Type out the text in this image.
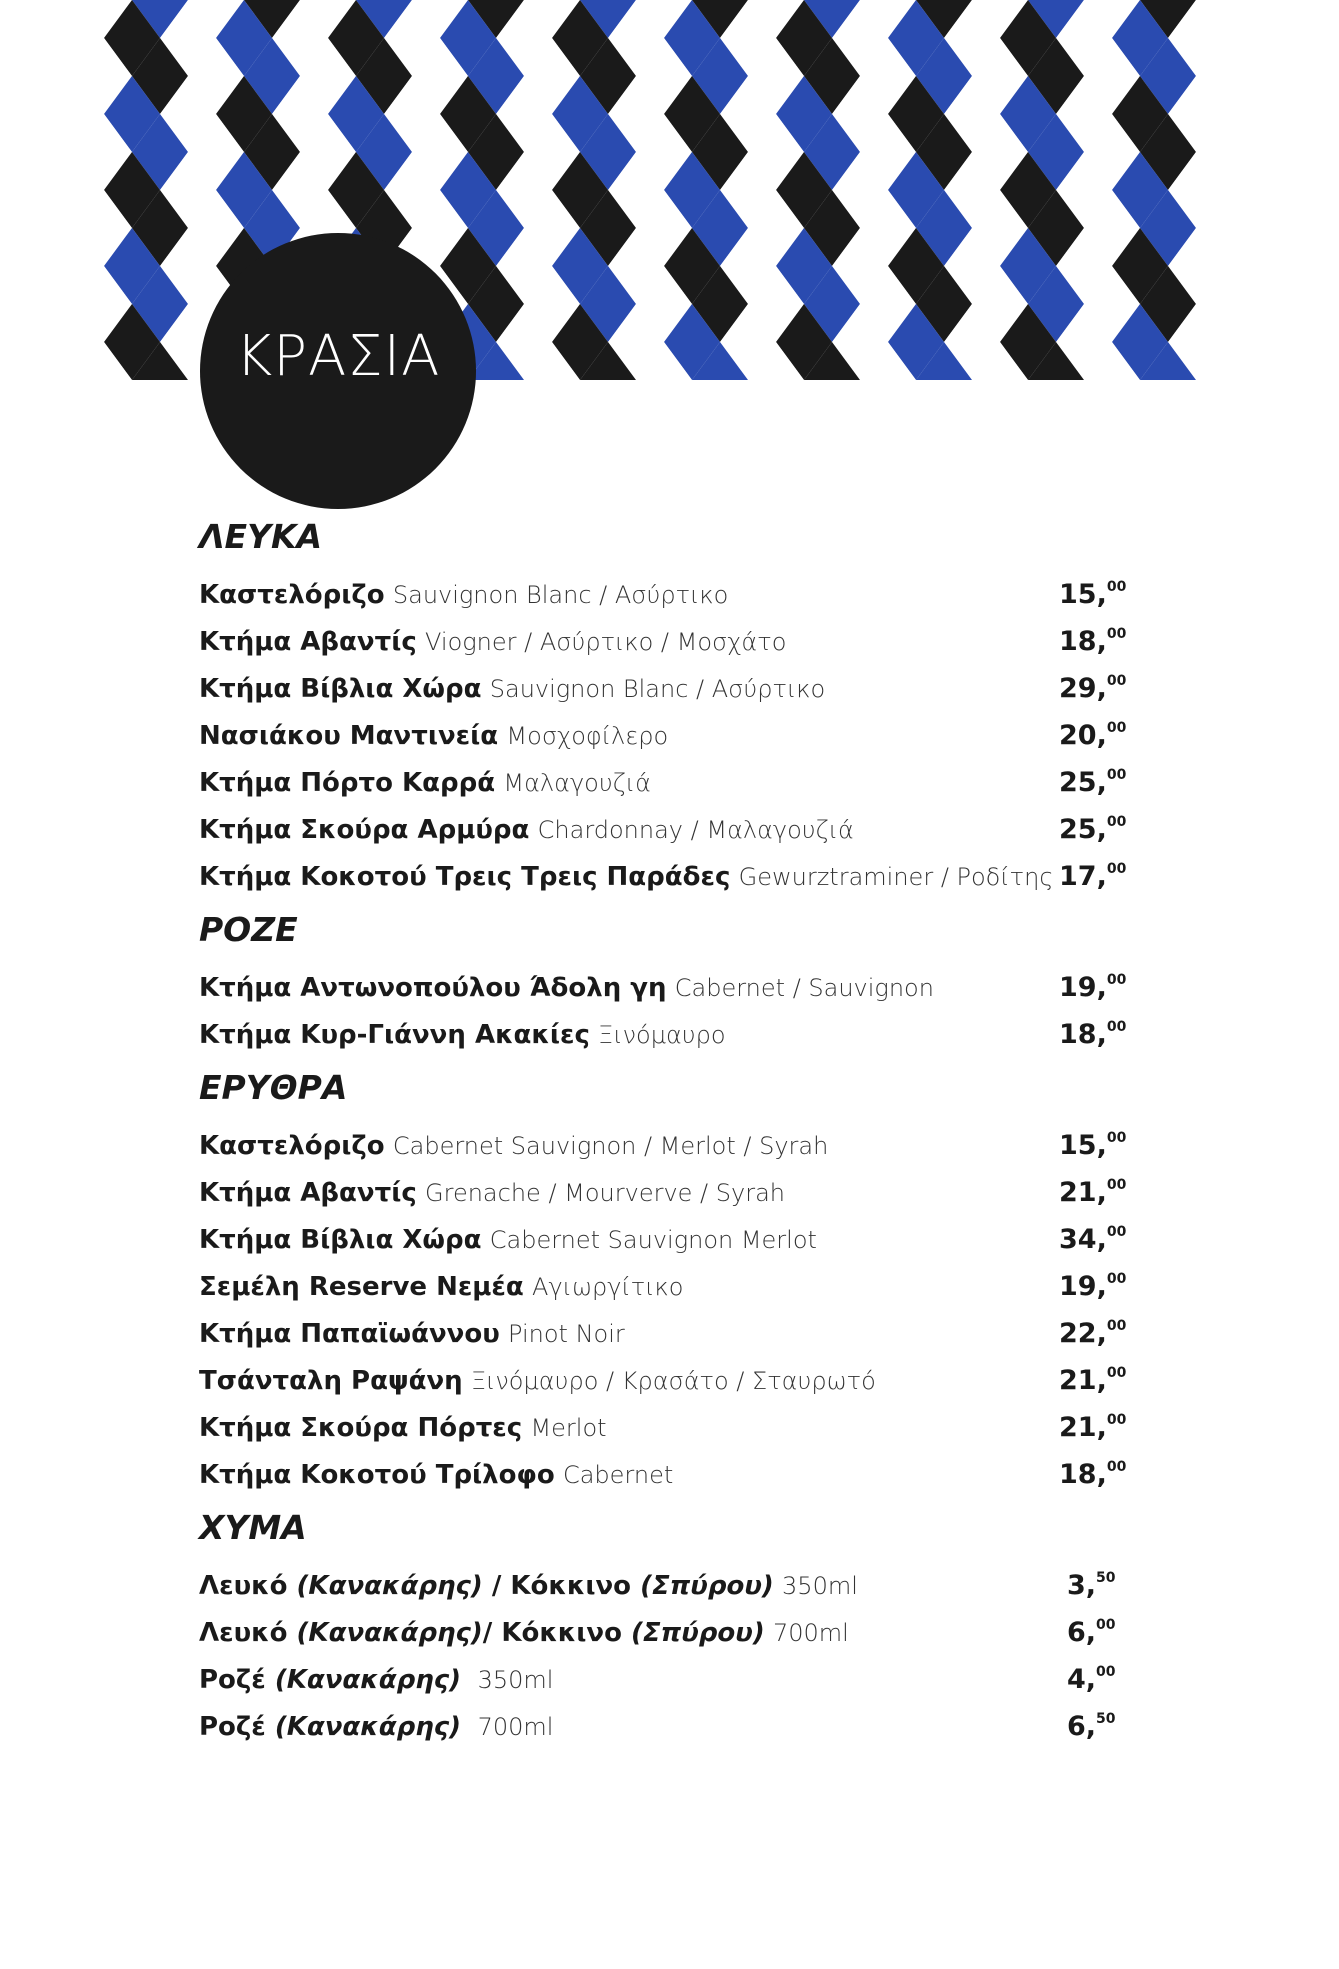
ΚΡΑΣΙΑ
ΛΕΥΚΑ
Καστελόριζο Sauvignon Blanc / Ασύρτικο	15,00
Κτήμα Αβαντίς Viogner / Ασύρτικο / Μοσχάτο	18,00
Κτήμα Βίβλια Χώρα Sauvignon Blanc / Ασύρτικο	29,00
Νασιάκου Μαντινεία Μοσχοφίλερο	20,00
Κτήμα Πόρτο Καρρά Μαλαγουζιά	25,00
Κτήμα Σκούρα Αρμύρα Chardonnay / Μαλαγουζιά	25,00
Κτήμα Κοκοτού Τρεις Τρεις Παράδες Gewurztraminer / Ροδίτης 17,00
ΡΟΖΕ
Κτήμα Αντωνοπούλου Άδολη γη Cabernet / Sauvignon	19,00
Κτήμα Κυρ-Γιάννη Ακακίες Ξινόμαυρο	18,00
ΕΡΥΘΡΑ
Καστελόριζο Cabernet Sauvignon / Merlot / Syrah	15,00
Κτήμα Αβαντίς Grenache / Mourverve / Syrah	21,00
Κτήμα Βίβλια Χώρα Cabernet Sauvignon Merlot	34,00
Σεμέλη Reserve Νεμέα Αγιωργίτικο	19,00
Κτήμα Παπαϊωάννου Pinot Noir	22,00
Τσάνταλη Ραψάνη Ξινόμαυρο / Κρασάτο / Σταυρωτό	21,00
Κτήμα Σκούρα Πόρτες Merlot	21,00
Κτήμα Κοκοτού Τρίλοφο Cabernet	18,00
ΧΥΜΑ
Λευκό (Κανακάρης) / Κόκκινο (Σπύρου) 350ml	3,50
Λευκό (Κανακάρης)/ Κόκκινο (Σπύρου) 700ml	6,00
Ροζέ (Κανακάρης) 350ml	4,00
Ροζέ (Κανακάρης) 700ml	6,50
